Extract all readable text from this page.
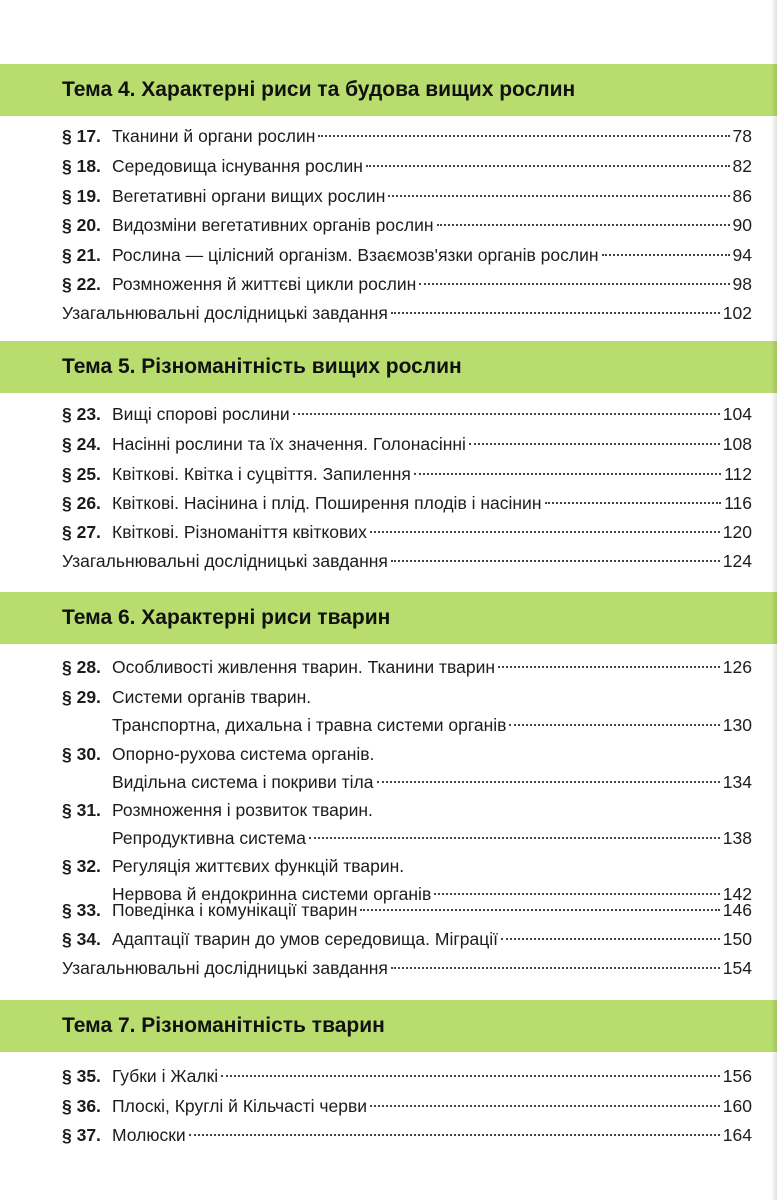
Тема 4. Характерні риси та будова вищих рослин
§ 17. Тканини й органи рослин	78
§ 18. Середовища існування рослин	82
§ 19. Вегетативні органи вищих рослин	86
§ 20. Видозміни вегетативних органів рослин	90
§ 21. Рослина — цілісний організм. Взаємозв'язки органів рослин	94
§ 22. Розмноження й життєві цикли рослин	98
Узагальнювальні дослідницькі завдання	102
Тема 5. Різноманітність вищих рослин
§ 23. Вищі спорові рослини	104
§ 24. Насінні рослини та їх значення. Голонасінні	108
§ 25. Квіткові. Квітка і суцвіття. Запилення	112
§ 26. Квіткові. Насінина і плід. Поширення плодів і насінин	116
§ 27. Квіткові. Різноманіття квіткових	120
Узагальнювальні дослідницькі завдання	124
Тема 6. Характерні риси тварин
§ 28. Особливості живлення тварин. Тканини тварин	126
§ 29. Системи органів тварин.
Транспортна, дихальна і травна системи органів	130
§ 30. Опорно-рухова система органів.
Видільна система і покриви тіла	134
§ 31. Розмноження і розвиток тварин.
Репродуктивна система	138
§ 32. Регуляція життєвих функцій тварин.
Нервова й ендокринна системи органів	142
§ 33. Поведінка і комунікації тварин	146
§ 34. Адаптації тварин до умов середовища. Міграції	150
Узагальнювальні дослідницькі завдання	154
Тема 7. Різноманітність тварин
§ 35. Губки і Жалкі	156
§ 36. Плоскі, Круглі й Кільчасті черви	160
§ 37. Молюски	164
